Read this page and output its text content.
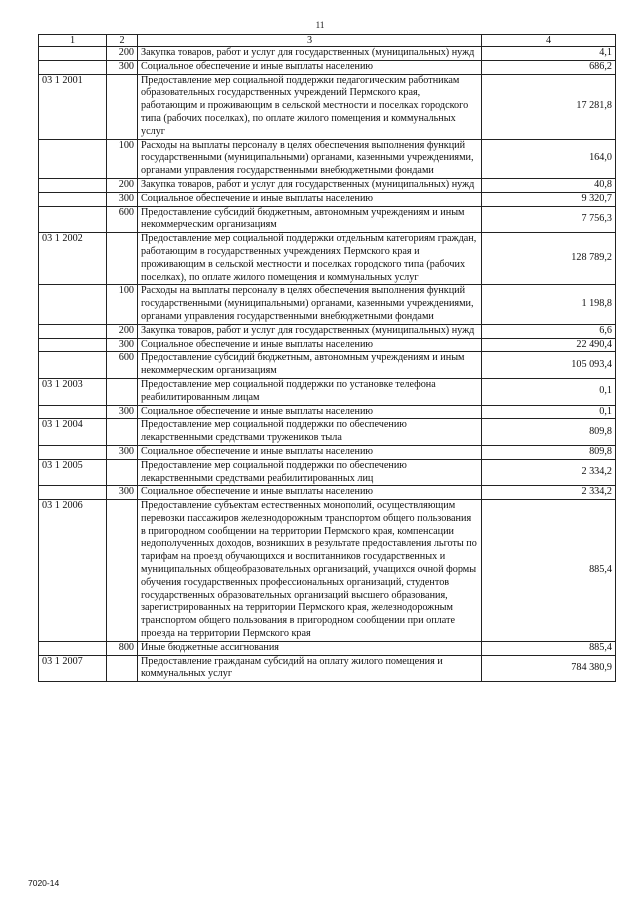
11
1	2	3	4
	200	Закупка товаров, работ и услуг для государственных (муниципальных) нужд	4,1
	300	Социальное обеспечение и иные выплаты населению	686,2
03 1 2001		Предоставление мер социальной поддержки педагогическим работникам образовательных государственных учреждений Пермского края, работающим и проживающим в сельской местности и поселках городского типа (рабочих поселках), по оплате жилого помещения и коммунальных услуг	17 281,8
	100	Расходы на выплаты персоналу в целях обеспечения выполнения функций государственными (муниципальными) органами, казенными учреждениями, органами управления государственными внебюджетными фондами	164,0
	200	Закупка товаров, работ и услуг для государственных (муниципальных) нужд	40,8
	300	Социальное обеспечение и иные выплаты населению	9 320,7
	600	Предоставление субсидий бюджетным, автономным учреждениям и иным некоммерческим организациям	7 756,3
03 1 2002		Предоставление мер социальной поддержки отдельным категориям граждан, работающим в государственных учреждениях Пермского края и проживающим в сельской местности и поселках городского типа (рабочих поселках), по оплате жилого помещения и коммунальных услуг	128 789,2
	100	Расходы на выплаты персоналу в целях обеспечения выполнения функций государственными (муниципальными) органами, казенными учреждениями, органами управления государственными внебюджетными фондами	1 198,8
	200	Закупка товаров, работ и услуг для государственных (муниципальных) нужд	6,6
	300	Социальное обеспечение и иные выплаты населению	22 490,4
	600	Предоставление субсидий бюджетным, автономным учреждениям и иным некоммерческим организациям	105 093,4
03 1 2003		Предоставление мер социальной поддержки по установке телефона реабилитированным лицам	0,1
	300	Социальное обеспечение и иные выплаты населению	0,1
03 1 2004		Предоставление мер социальной поддержки по обеспечению лекарственными средствами тружеников тыла	809,8
	300	Социальное обеспечение и иные выплаты населению	809,8
03 1 2005		Предоставление мер социальной поддержки по обеспечению лекарственными средствами реабилитированных лиц	2 334,2
	300	Социальное обеспечение и иные выплаты населению	2 334,2
03 1 2006		Предоставление субъектам естественных монополий, осуществляющим перевозки пассажиров железнодорожным транспортом общего пользования в пригородном сообщении на территории Пермского края, компенсации недополученных доходов, возникших в результате предоставления льготы по тарифам на проезд обучающихся и воспитанников государственных и муниципальных общеобразовательных организаций, учащихся очной формы обучения государственных профессиональных организаций, студентов государственных образовательных организаций высшего образования, зарегистрированных на территории Пермского края, железнодорожным транспортом общего пользования в пригородном сообщении при оплате проезда на территории Пермского края	885,4
	800	Иные бюджетные ассигнования	885,4
03 1 2007		Предоставление гражданам субсидий на оплату жилого помещения и коммунальных услуг	784 380,9
7020-14
